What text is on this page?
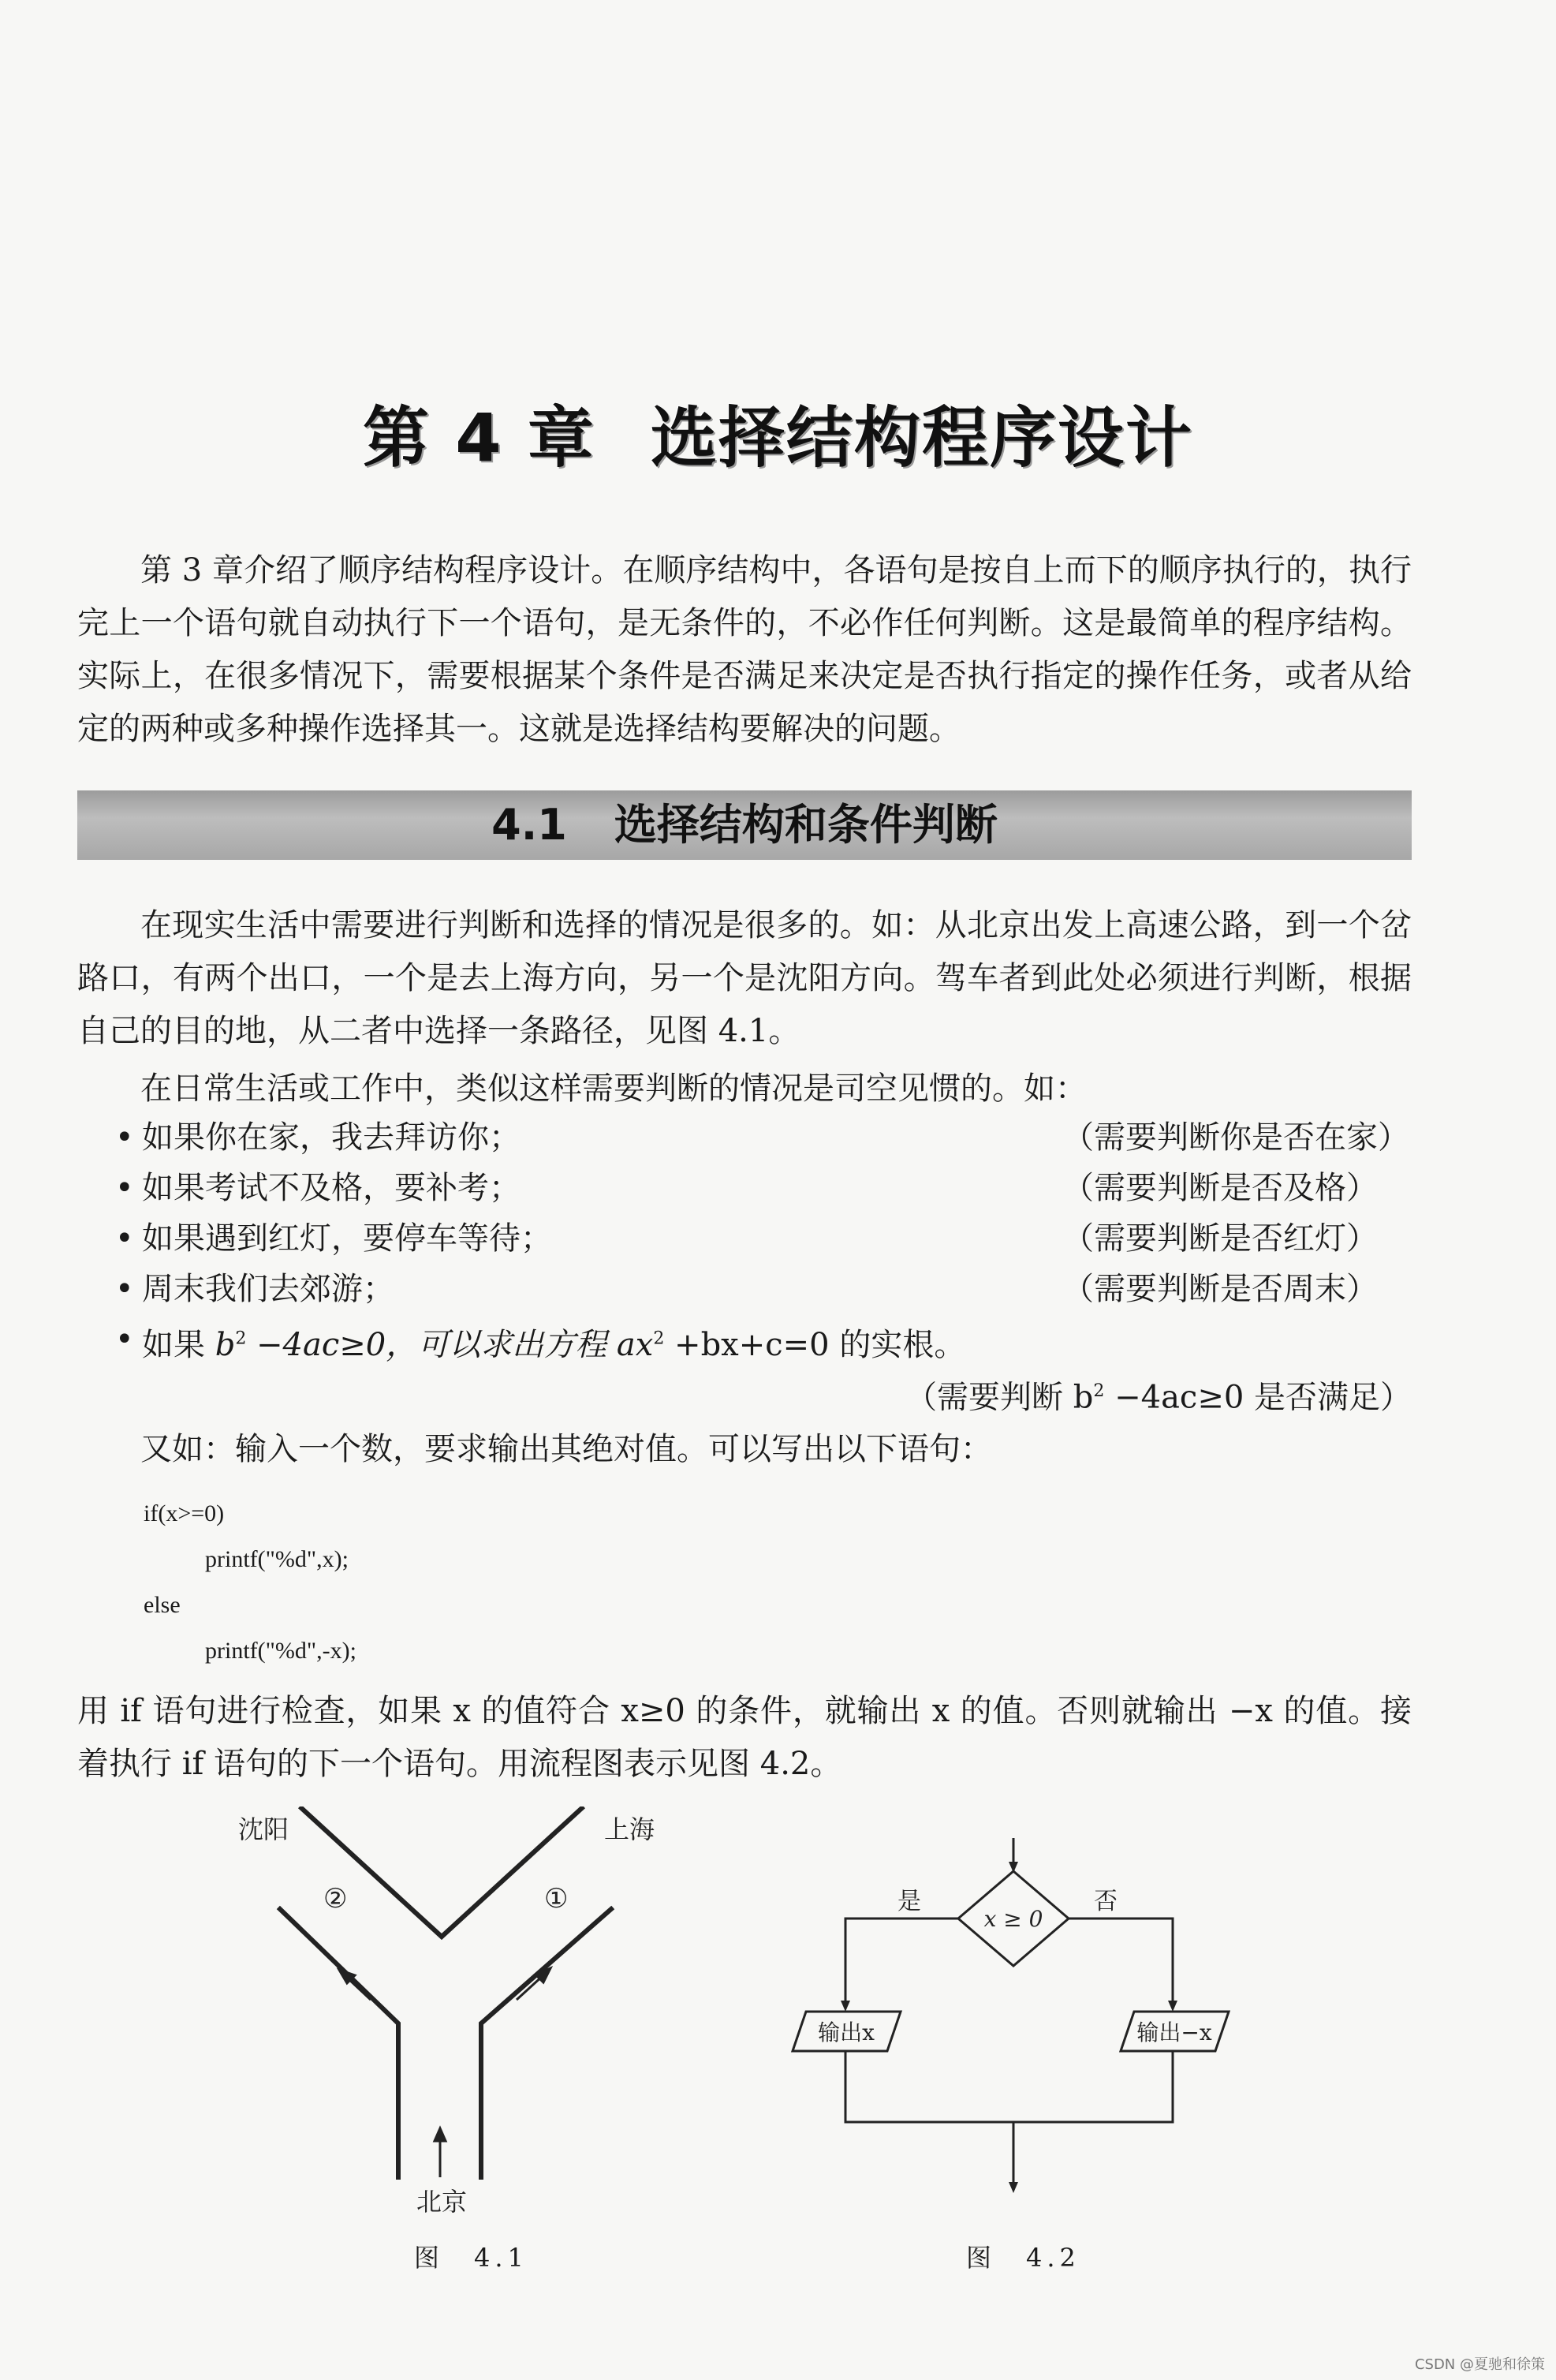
第 4 章 选择结构程序设计
第 3 章介绍了顺序结构程序设计。在顺序结构中，各语句是按自上而下的顺序执行的，执行完上一个语句就自动执行下一个语句，是无条件的，不必作任何判断。这是最简单的程序结构。实际上，在很多情况下，需要根据某个条件是否满足来决定是否执行指定的操作任务，或者从给定的两种或多种操作选择其一。这就是选择结构要解决的问题。
4.1 选择结构和条件判断
在现实生活中需要进行判断和选择的情况是很多的。如：从北京出发上高速公路，到一个岔路口，有两个出口，一个是去上海方向，另一个是沈阳方向。驾车者到此处必须进行判断，根据自己的目的地，从二者中选择一条路径，见图 4.1。
在日常生活或工作中，类似这样需要判断的情况是司空见惯的。如：
• 如果你在家，我去拜访你；	（需要判断你是否在家）
• 如果考试不及格，要补考；	（需要判断是否及格）
• 如果遇到红灯，要停车等待；	（需要判断是否红灯）
• 周末我们去郊游；	（需要判断是否周末）
• 如果 $b^2 -4ac\ge 0$，可以求出方程 $ax^2 +bx+c=0$ 的实根。
（需要判断 $b^2 -4ac\ge 0$ 是否满足）
又如：输入一个数，要求输出其绝对值。可以写出以下语句：
if(x>=0)
printf("%d",x);
else
printf("%d",-x);
用 if 语句进行检查，如果 x 的值符合 x≥0 的条件，就输出 x 的值。否则就输出 −x 的值。接着执行 if 语句的下一个语句。用流程图表示见图 4.2。
沈阳	上海
②	①
北京
图　4.1
x ≥ 0
是	否
输出x	输出−x
图　4.2
CSDN @夏驰和徐策
